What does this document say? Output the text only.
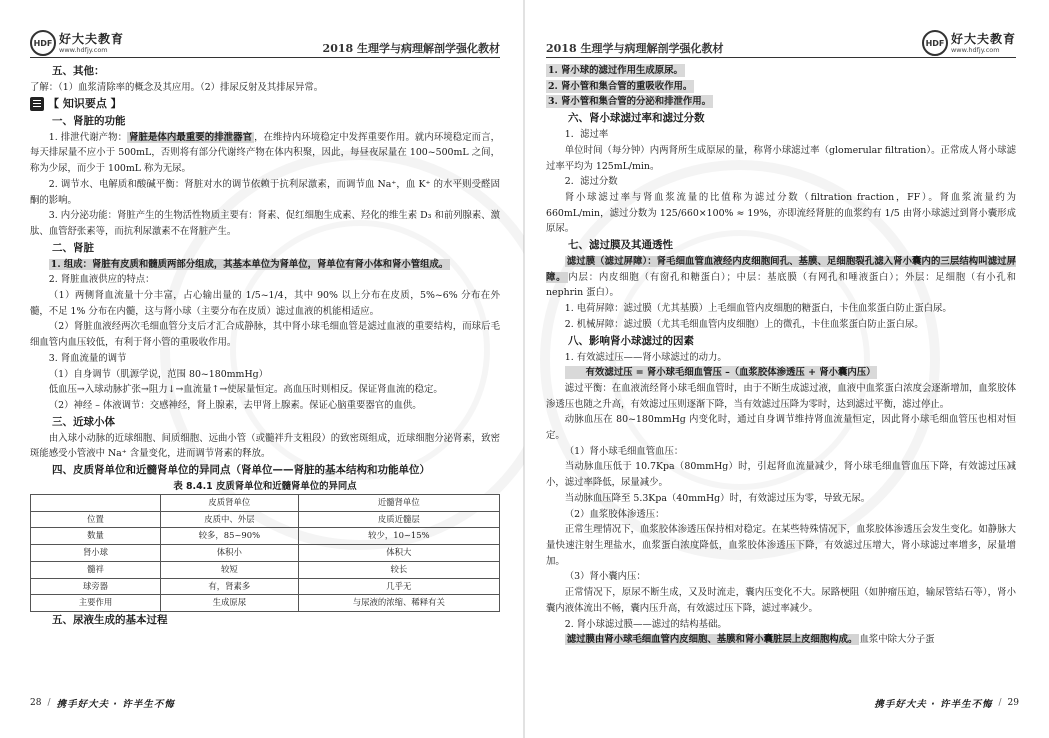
HDF 好大夫教育
www.hdfjy.com	2018 生理学与病理解剖学强化教材
五、其他：
了解：（1）血浆清除率的概念及其应用。（2）排尿反射及其排尿异常。
【 知识要点 】
一、肾脏的功能
1. 排泄代谢产物： 肾脏是体内最重要的排泄器官 ，在维持内环境稳定中发挥重要作用。就内环境稳定而言，每天排尿量不应小于 500mL，否则将有部分代谢终产物在体内积聚，因此，每昼夜尿量在 100~500mL 之间，称为少尿，而少于 100mL 称为无尿。
2. 调节水、电解质和酸碱平衡：肾脏对水的调节依赖于抗利尿激素，而调节血 Na⁺，血 K⁺ 的水平则受醛固酮的影响。
3. 内分泌功能：肾脏产生的生物活性物质主要有：肾素、促红细胞生成素、羟化的维生素 D₃ 和前列腺素、激肽、血管舒张素等，而抗利尿激素不在肾脏产生。
二、肾脏
1. 组成：肾脏有皮质和髓质两部分组成，其基本单位为肾单位，肾单位有肾小体和肾小管组成。
2. 肾脏血液供应的特点：
（1）两侧肾血流量十分丰富，占心输出量的 1/5~1/4，其中 90% 以上分布在皮质，5%~6% 分布在外髓，不足 1% 分布在内髓，这与肾小球（主要分布在皮质）滤过血液的机能相适应。
（2）肾脏血液经两次毛细血管分支后才汇合成静脉，其中肾小球毛细血管是滤过血液的重要结构，而球后毛细血管内血压较低，有利于肾小管的重吸收作用。
3. 肾血流量的调节
（1）自身调节（肌源学说，范围 80~180mmHg）
低血压→入球动脉扩张→阻力↓→血流量↑→使尿量恒定。高血压时则相反。保证肾血流的稳定。
（2）神经 – 体液调节：交感神经，肾上腺素，去甲肾上腺素。保证心脑重要器官的血供。
三、近球小体
由入球小动脉的近球细胞、间质细胞、远曲小管（或髓袢升支粗段）的致密斑组成，近球细胞分泌肾素，致密斑能感受小管液中 Na⁺ 含量变化，进而调节肾素的释放。
四、皮质肾单位和近髓肾单位的异同点（肾单位——肾脏的基本结构和功能单位）
表 8.4.1 皮质肾单位和近髓肾单位的异同点
	皮质肾单位	近髓肾单位
位置	皮质中、外层	皮质近髓层
数量	较多，85~90%	较少，10~15%
肾小球	体积小	体积大
髓袢	较短	较长
球旁器	有，肾素多	几乎无
主要作用	生成原尿	与尿液的浓缩、稀释有关
五、尿液生成的基本过程
28 / 携手好大夫 · 许半生不悔
2018 生理学与病理解剖学强化教材	HDF 好大夫教育
www.hdfjy.com
1. 肾小球的滤过作用生成原尿。
2. 肾小管和集合管的重吸收作用。
3. 肾小管和集合管的分泌和排泄作用。
六、肾小球滤过率和滤过分数
1．滤过率
单位时间（每分钟）内两肾所生成原尿的量，称肾小球滤过率（glomerular filtration）。正常成人肾小球滤过率平均为 125mL/min。
2．滤过分数
肾小球滤过率与肾血浆流量的比值称为滤过分数（filtration fraction，FF）。肾血浆流量约为 660mL/min，滤过分数为 125/660×100% ≈ 19%，亦即流经肾脏的血浆约有 1/5 由肾小球滤过到肾小囊形成原尿。
七、滤过膜及其通透性
滤过膜（滤过屏障）：肾毛细血管血液经内皮细胞间孔、基膜、足细胞裂孔滤入肾小囊内的三层结构叫滤过屏障。 内层：内皮细胞（有窗孔和糖蛋白）；中层：基底膜（有网孔和唾液蛋白）；外层：足细胞（有小孔和 nephrin 蛋白）。
1. 电荷屏障：滤过膜（尤其基膜）上毛细血管内皮细胞的糖蛋白，卡住血浆蛋白防止蛋白尿。
2. 机械屏障：滤过膜（尤其毛细血管内皮细胞）上的微孔，卡住血浆蛋白防止蛋白尿。
八、影响肾小球滤过的因素
1. 有效滤过压——肾小球滤过的动力。
有效滤过压 = 肾小球毛细血管压 –（血浆胶体渗透压 + 肾小囊内压）
滤过平衡：在血液流经肾小球毛细血管时，由于不断生成滤过液，血液中血浆蛋白浓度会逐渐增加，血浆胶体渗透压也随之升高，有效滤过压则逐渐下降，当有效滤过压降为零时，达到滤过平衡，滤过停止。
动脉血压在 80~180mmHg 内变化时，通过自身调节维持肾血流量恒定，因此肾小球毛细血管压也相对恒定。
（1）肾小球毛细血管血压：
当动脉血压低于 10.7Kpa（80mmHg）时，引起肾血流量减少，肾小球毛细血管血压下降，有效滤过压减小，滤过率降低，尿量减少。
当动脉血压降至 5.3Kpa（40mmHg）时，有效滤过压为零，导致无尿。
（2）血浆胶体渗透压：
正常生理情况下，血浆胶体渗透压保持相对稳定。在某些特殊情况下，血浆胶体渗透压会发生变化。如静脉大量快速注射生理盐水，血浆蛋白浓度降低，血浆胶体渗透压下降，有效滤过压增大，肾小球滤过率增多，尿量增加。
（3）肾小囊内压：
正常情况下，原尿不断生成，又及时流走，囊内压变化不大。尿路梗阻（如肿瘤压迫，输尿管结石等），肾小囊内液体流出不畅，囊内压升高，有效滤过压下降，滤过率减少。
2. 肾小球滤过膜——滤过的结构基础。
滤过膜由肾小球毛细血管内皮细胞、基膜和肾小囊脏层上皮细胞构成。 血浆中除大分子蛋
携手好大夫 · 许半生不悔 / 29
